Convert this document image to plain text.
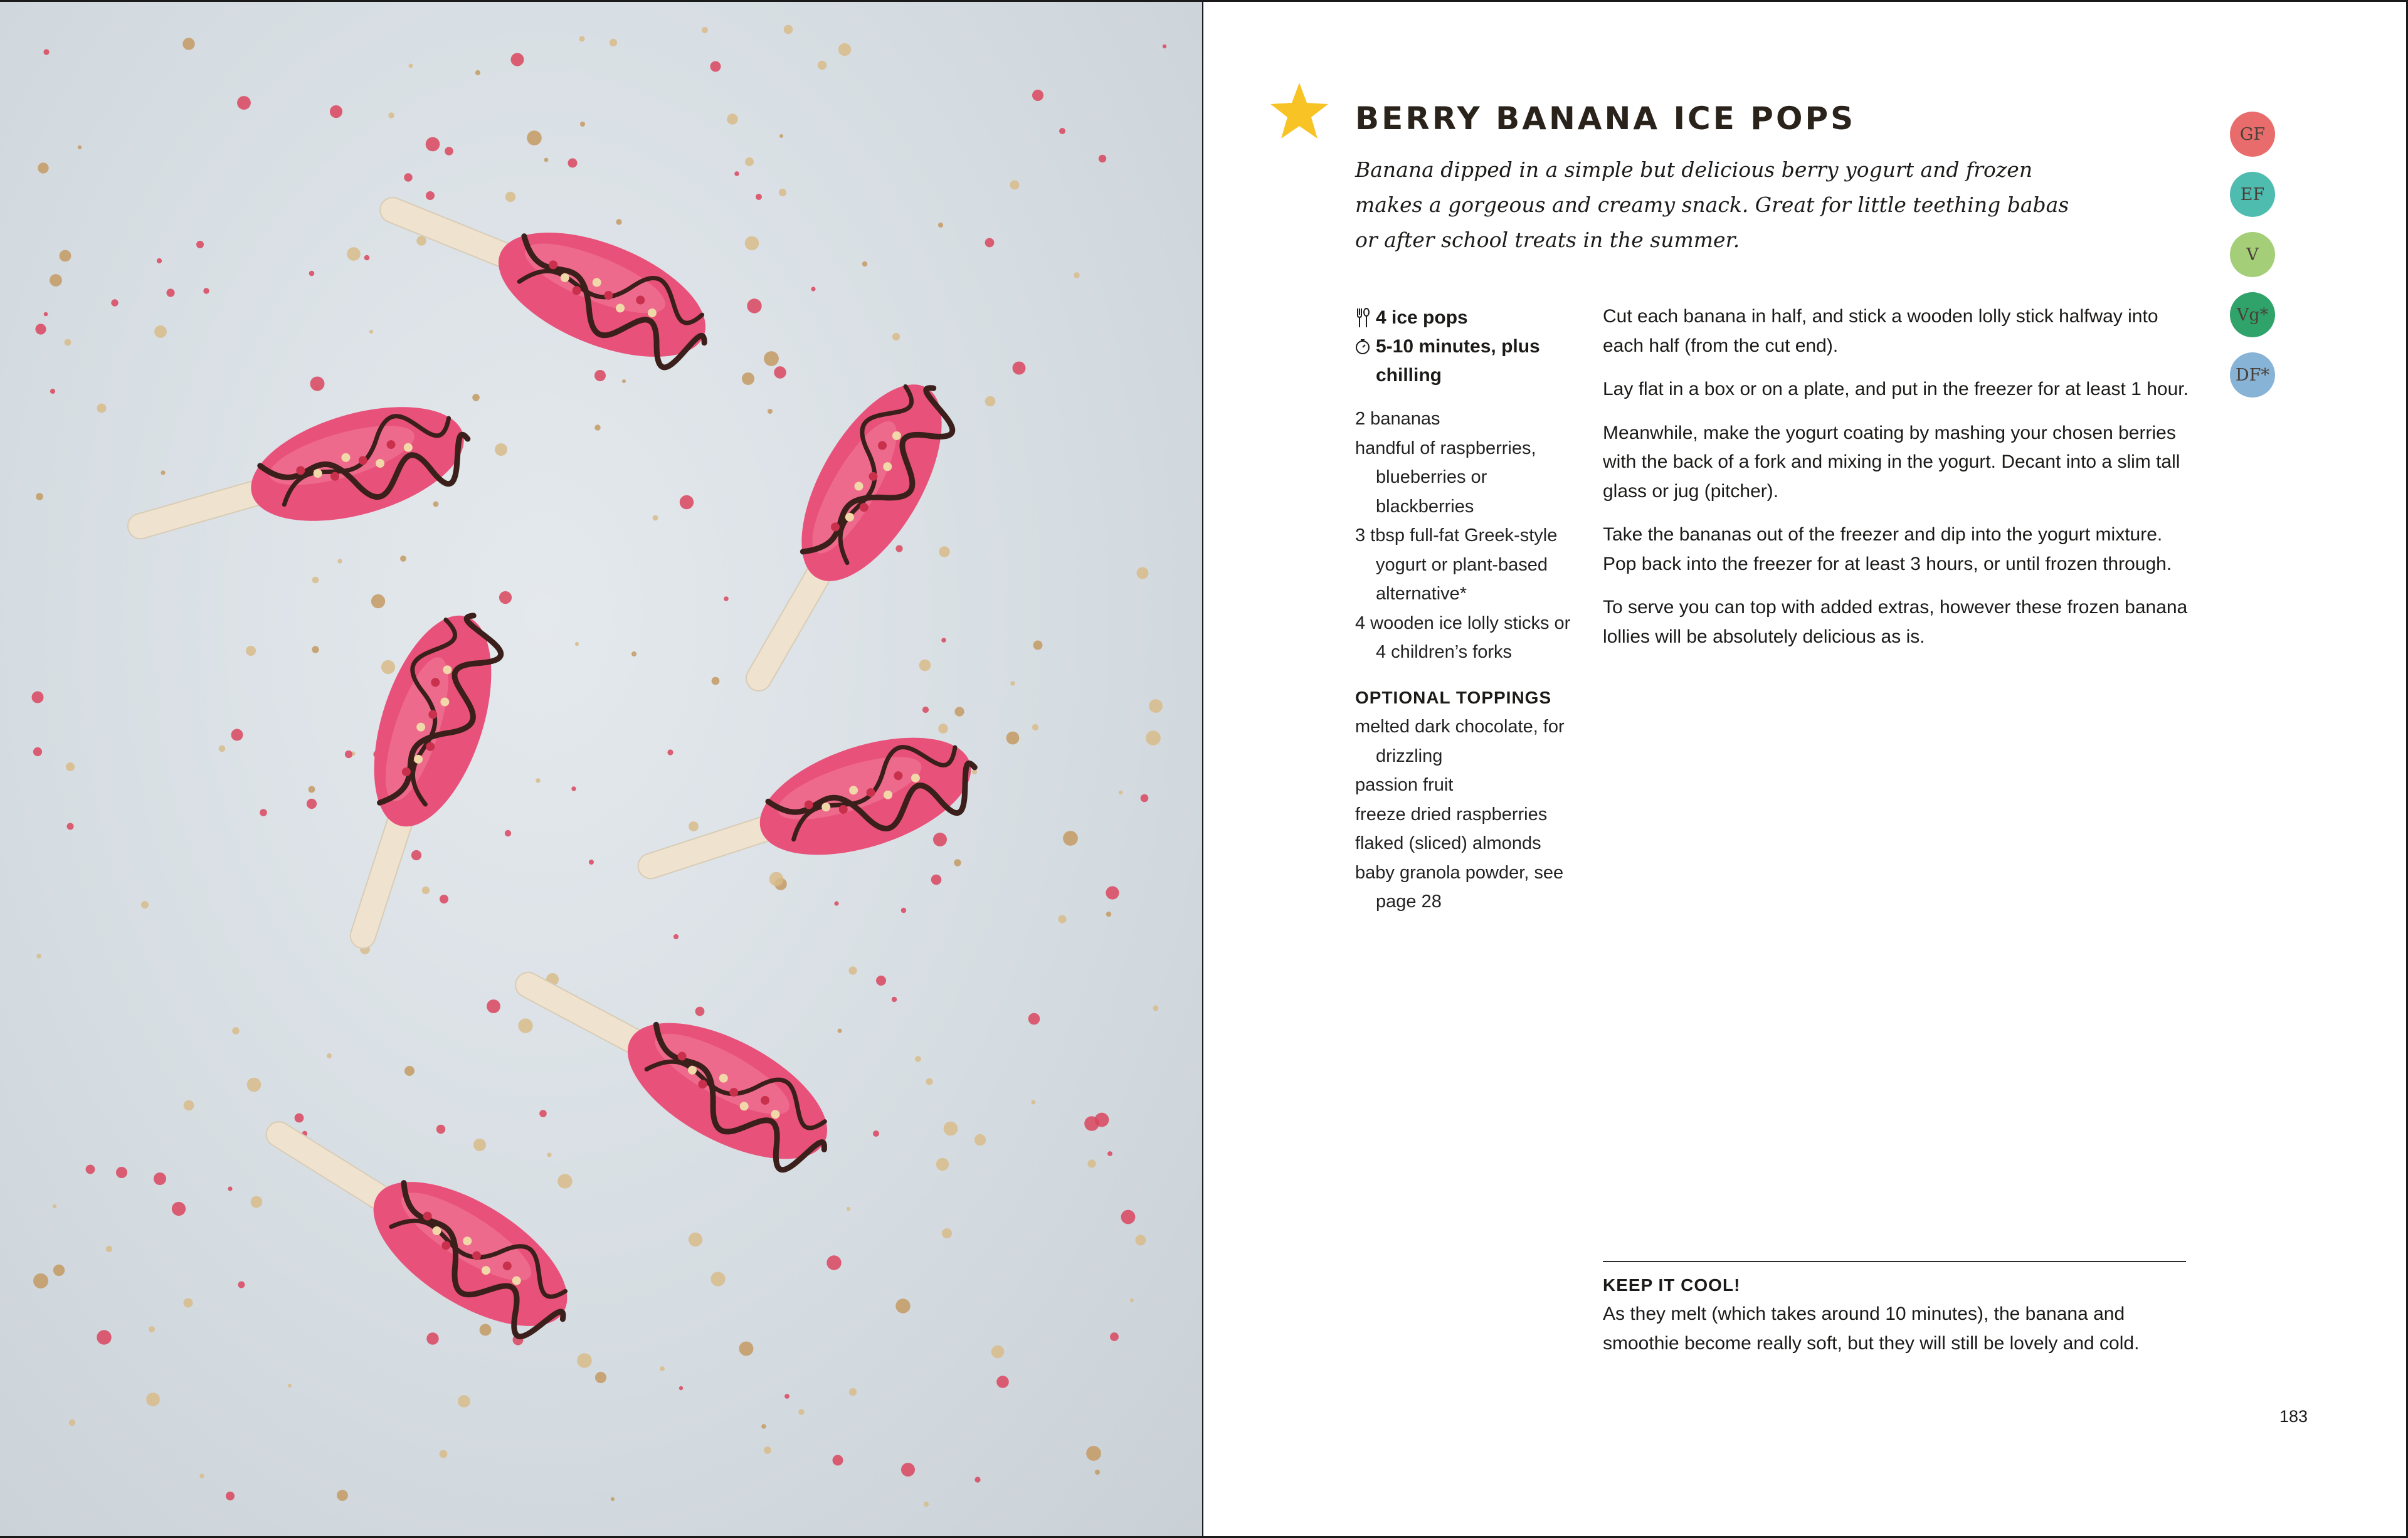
BERRY BANANA ICE POPS

Banana dipped in a simple but delicious berry yogurt and frozen makes a gorgeous and creamy snack. Great for little teething babas or after school treats in the summer.

GF
EF
V
Vg*
DF*
4 ice pops
5-10 minutes, plus chilling
2 bananas
handful of raspberries, blueberries or blackberries
3 tbsp full-fat Greek-style yogurt or plant-based alternative*
4 wooden ice lolly sticks or 4 children’s forks
OPTIONAL TOPPINGS
melted dark chocolate, for drizzling
passion fruit
freeze dried raspberries
flaked (sliced) almonds
baby granola powder, see page 28

Cut each banana in half, and stick a wooden lolly stick halfway into each half (from the cut end).

Lay flat in a box or on a plate, and put in the freezer for at least 1 hour.

Meanwhile, make the yogurt coating by mashing your chosen berries with the back of a fork and mixing in the yogurt. Decant into a slim tall glass or jug (pitcher).

Take the bananas out of the freezer and dip into the yogurt mixture. Pop back into the freezer for at least 3 hours, or until frozen through.

To serve you can top with added extras, however these frozen banana lollies will be absolutely delicious as is.

KEEP IT COOL!

As they melt (which takes around 10 minutes), the banana and smoothie become really soft, but they will still be lovely and cold.

183
